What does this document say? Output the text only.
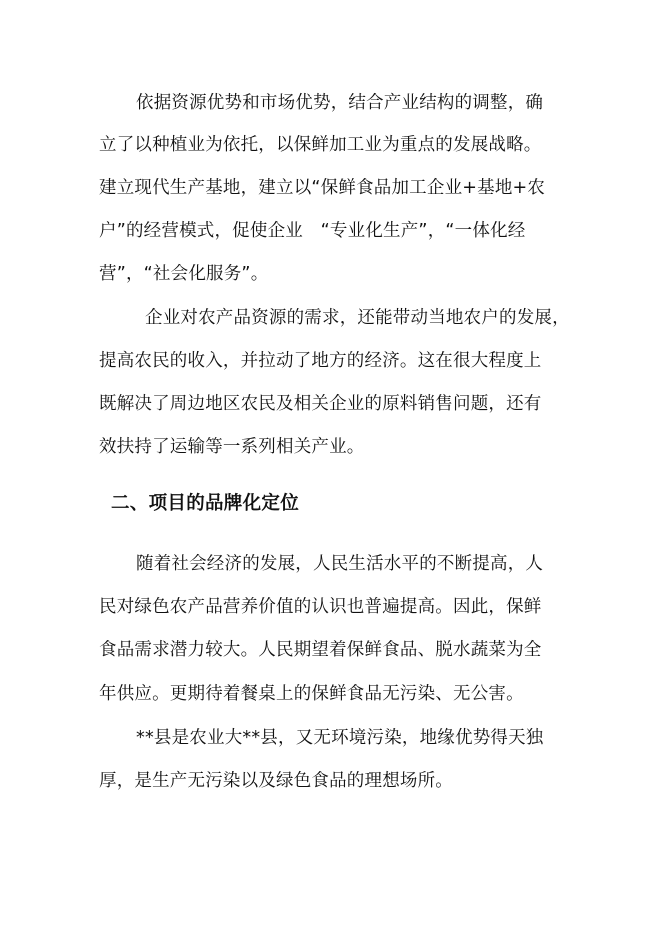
依据资源优势和市场优势，结合产业结构的调整，确
立了以种植业为依托，以保鲜加工业为重点的发展战略。
建立现代生产基地，建立以“保鲜食品加工企业+基地+农
户”的经营模式，促使企业　“专业化生产”，“一体化经
营”，“社会化服务”。
企业对农产品资源的需求，还能带动当地农户的发展，
提高农民的收入，并拉动了地方的经济。这在很大程度上
既解决了周边地区农民及相关企业的原料销售问题，还有
效扶持了运输等一系列相关产业。
二、项目的品牌化定位
随着社会经济的发展，人民生活水平的不断提高，人
民对绿色农产品营养价值的认识也普遍提高。因此，保鲜
食品需求潜力较大。人民期望着保鲜食品、脱水蔬菜为全
年供应。更期待着餐桌上的保鲜食品无污染、无公害。
**县是农业大**县，又无环境污染，地缘优势得天独
厚，是生产无污染以及绿色食品的理想场所。
